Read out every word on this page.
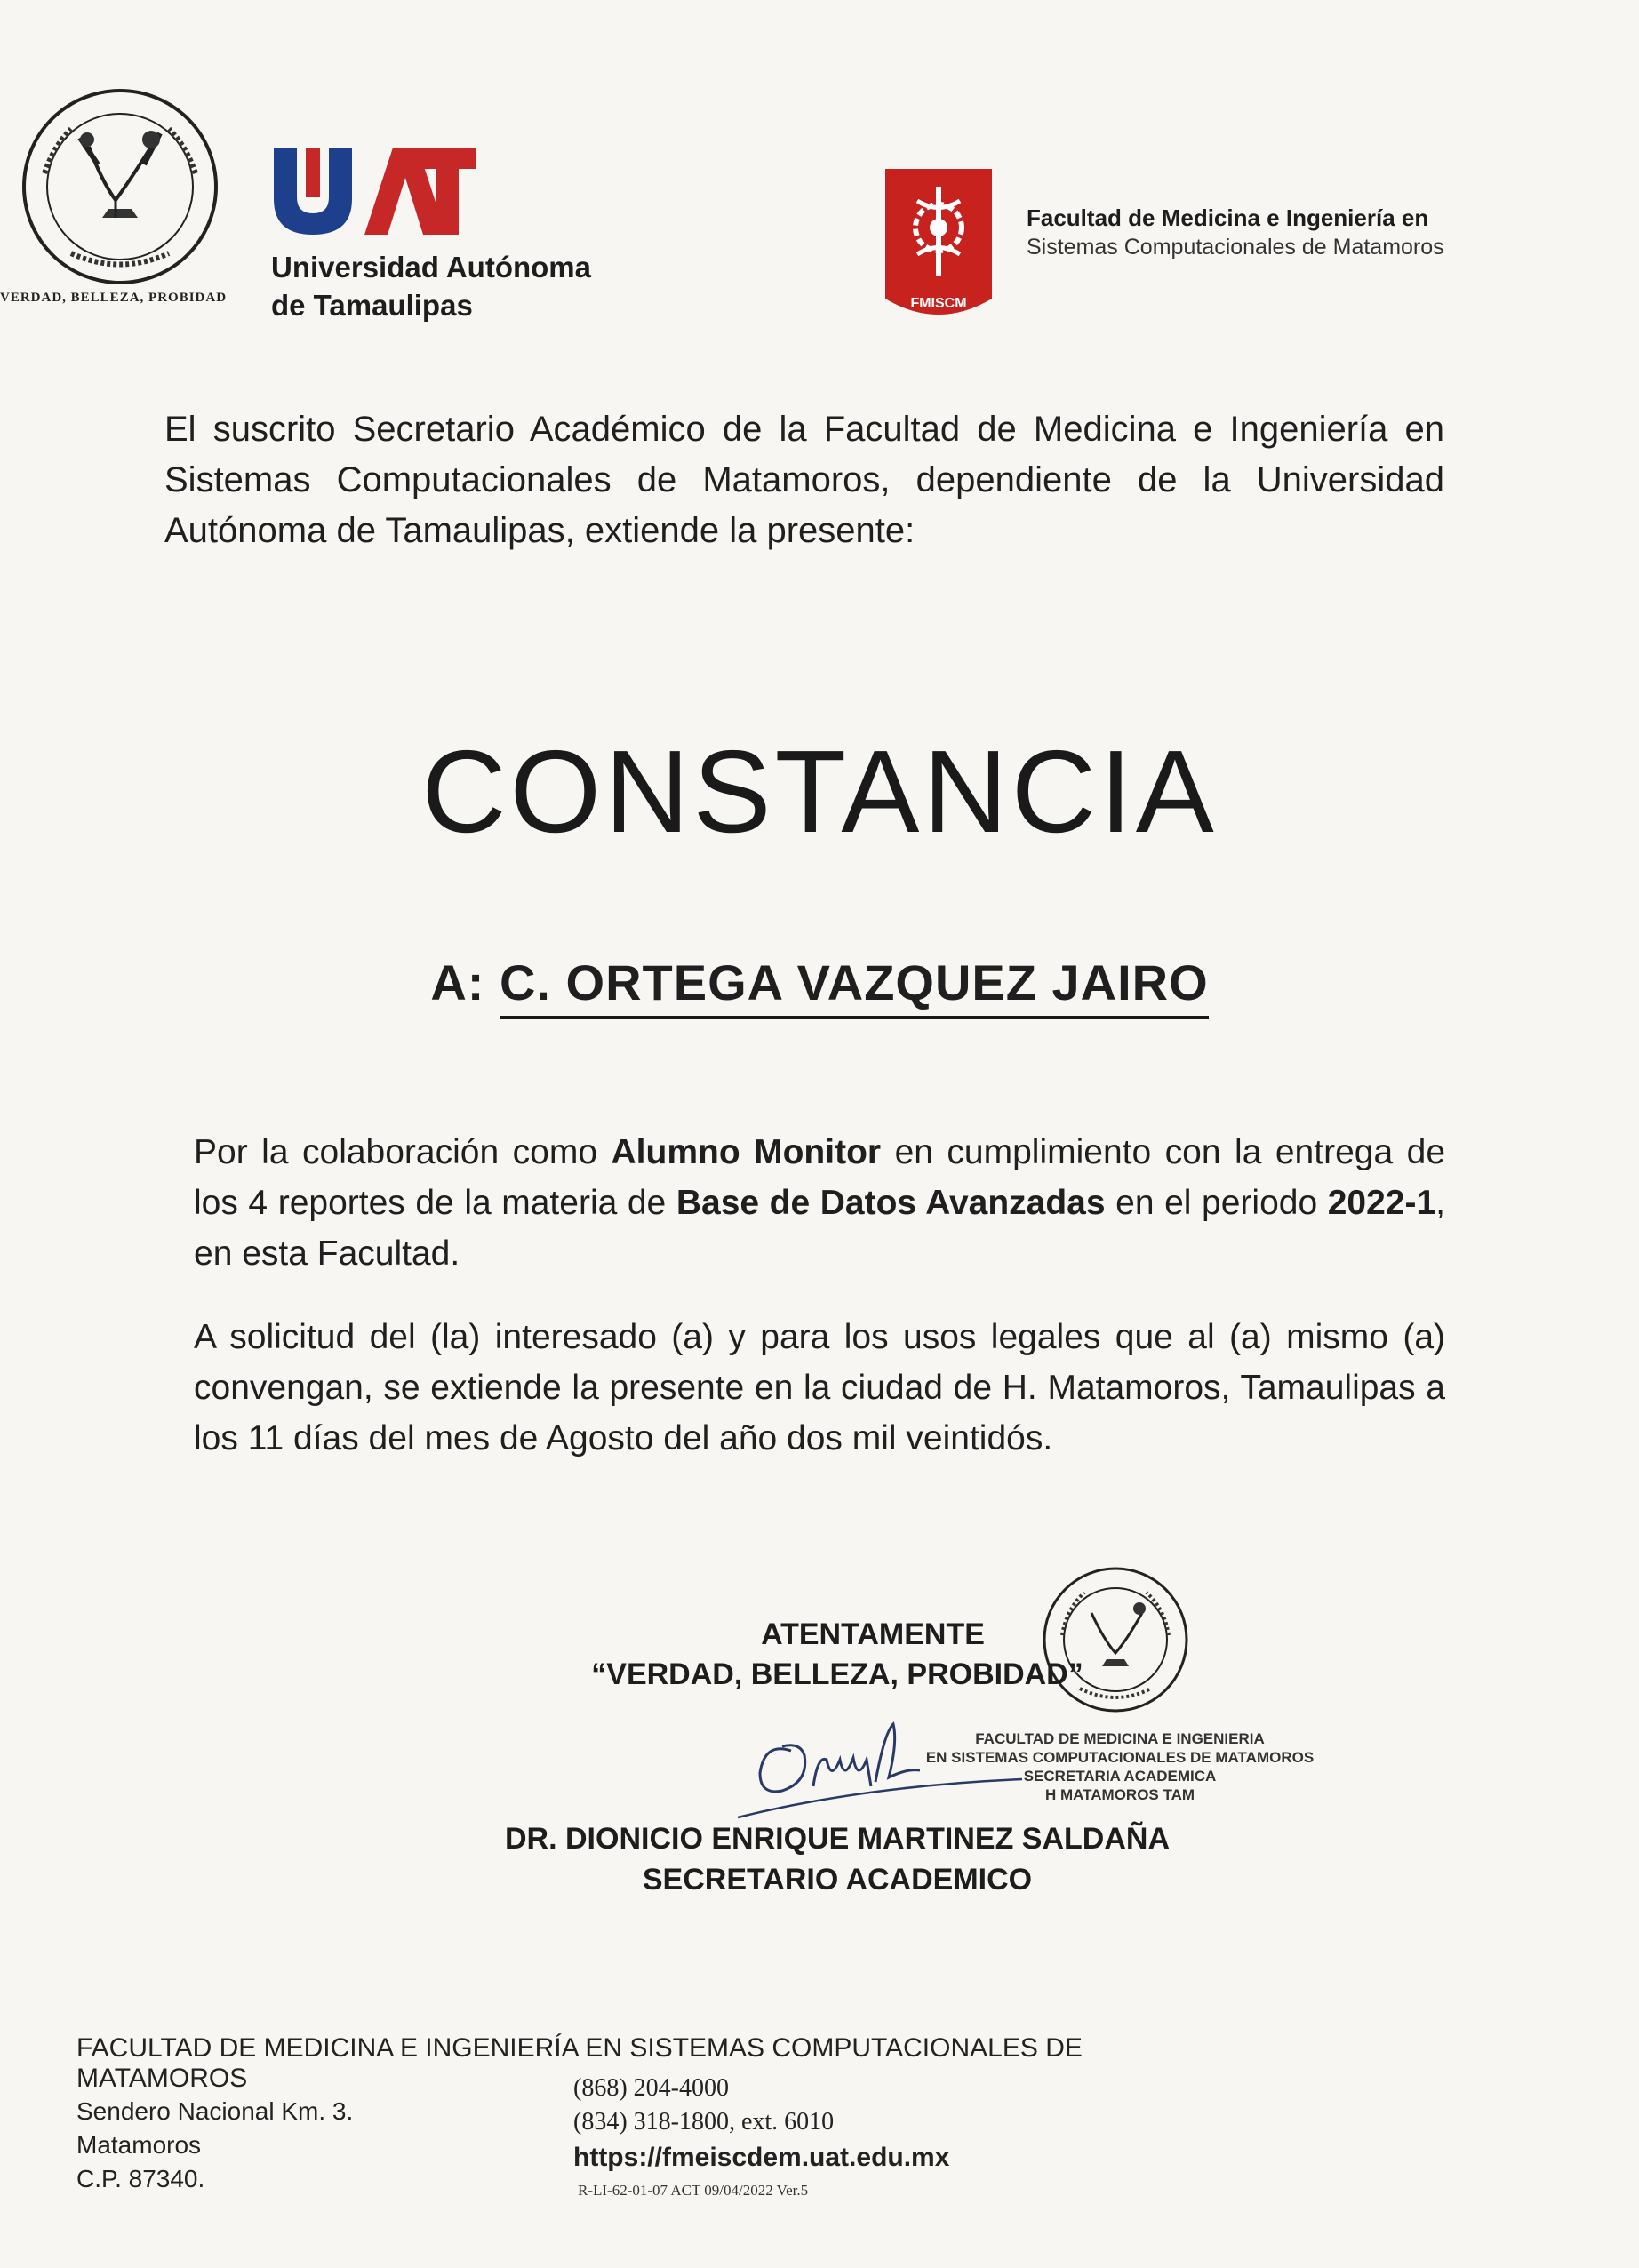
VERDAD, BELLEZA, PROBIDAD
Universidad Autónoma
de Tamaulipas	FMISCM
Facultad de Medicina e Ingeniería en
Sistemas Computacionales de Matamoros
El suscrito Secretario Académico de la Facultad de Medicina e Ingeniería en Sistemas Computacionales de Matamoros, dependiente de la Universidad Autónoma de Tamaulipas, extiende la presente:
CONSTANCIA
A: C. ORTEGA VAZQUEZ JAIRO
Por la colaboración como Alumno Monitor en cumplimiento con la entrega de los 4 reportes de la materia de Base de Datos Avanzadas en el periodo 2022-1, en esta Facultad.
A solicitud del (la) interesado (a) y para los usos legales que al (a) mismo (a) convengan, se extiende la presente en la ciudad de H. Matamoros, Tamaulipas a los 11 días del mes de Agosto del año dos mil veintidós.
ATENTAMENTE
“VERDAD, BELLEZA, PROBIDAD”
FACULTAD DE MEDICINA E INGENIERIA
EN SISTEMAS COMPUTACIONALES DE MATAMOROS
SECRETARIA ACADEMICA
H MATAMOROS TAM
DR. DIONICIO ENRIQUE MARTINEZ SALDAÑA
SECRETARIO ACADEMICO
FACULTAD DE MEDICINA E INGENIERÍA EN SISTEMAS COMPUTACIONALES DE
MATAMOROS
Sendero Nacional Km. 3.
Matamoros
C.P. 87340.
(868) 204-4000
(834) 318-1800, ext. 6010
https://fmeiscdem.uat.edu.mx
R-LI-62-01-07 ACT 09/04/2022 Ver.5
